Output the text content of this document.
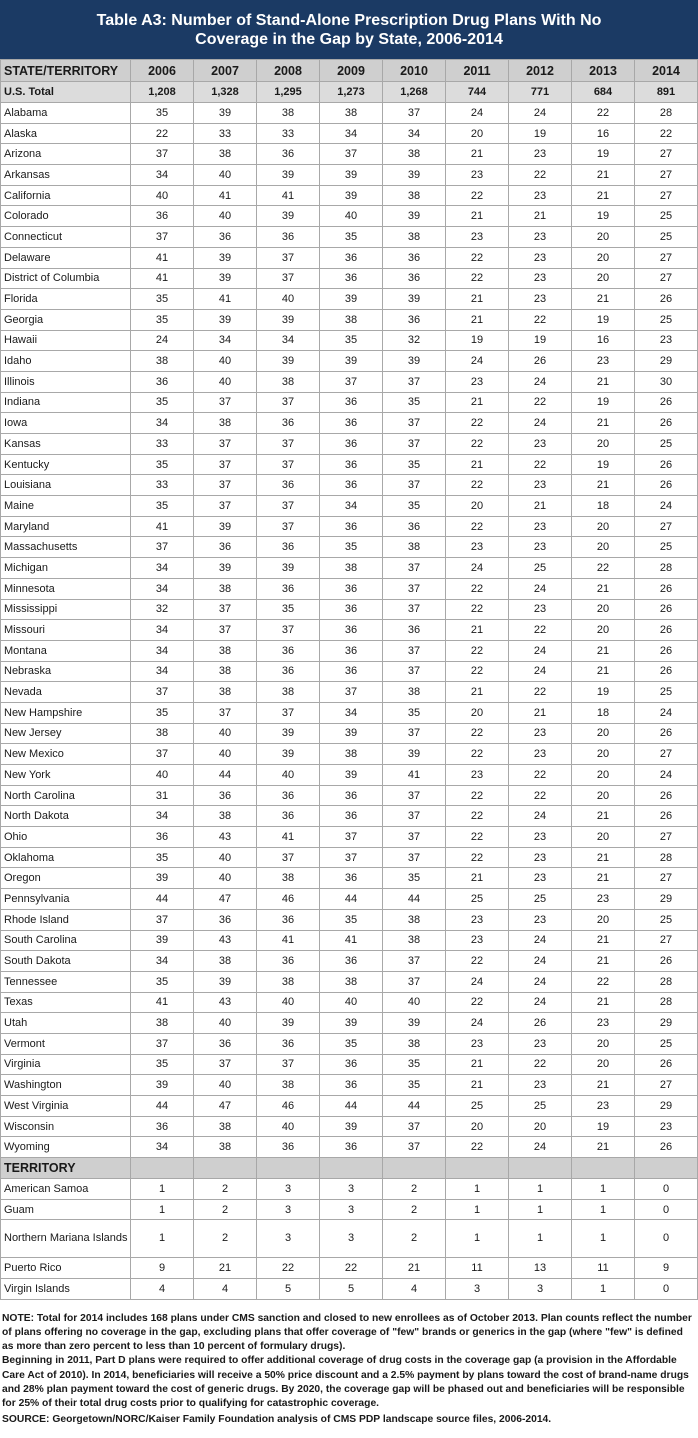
Table A3: Number of Stand-Alone Prescription Drug Plans With No Coverage in the Gap by State, 2006-2014
STATE/TERRITORY	2006	2007	2008	2009	2010	2011	2012	2013	2014
U.S. Total	1,208	1,328	1,295	1,273	1,268	744	771	684	891
Alabama	35	39	38	38	37	24	24	22	28
Alaska	22	33	33	34	34	20	19	16	22
Arizona	37	38	36	37	38	21	23	19	27
Arkansas	34	40	39	39	39	23	22	21	27
California	40	41	41	39	38	22	23	21	27
Colorado	36	40	39	40	39	21	21	19	25
Connecticut	37	36	36	35	38	23	23	20	25
Delaware	41	39	37	36	36	22	23	20	27
District of Columbia	41	39	37	36	36	22	23	20	27
Florida	35	41	40	39	39	21	23	21	26
Georgia	35	39	39	38	36	21	22	19	25
Hawaii	24	34	34	35	32	19	19	16	23
Idaho	38	40	39	39	39	24	26	23	29
Illinois	36	40	38	37	37	23	24	21	30
Indiana	35	37	37	36	35	21	22	19	26
Iowa	34	38	36	36	37	22	24	21	26
Kansas	33	37	37	36	37	22	23	20	25
Kentucky	35	37	37	36	35	21	22	19	26
Louisiana	33	37	36	36	37	22	23	21	26
Maine	35	37	37	34	35	20	21	18	24
Maryland	41	39	37	36	36	22	23	20	27
Massachusetts	37	36	36	35	38	23	23	20	25
Michigan	34	39	39	38	37	24	25	22	28
Minnesota	34	38	36	36	37	22	24	21	26
Mississippi	32	37	35	36	37	22	23	20	26
Missouri	34	37	37	36	36	21	22	20	26
Montana	34	38	36	36	37	22	24	21	26
Nebraska	34	38	36	36	37	22	24	21	26
Nevada	37	38	38	37	38	21	22	19	25
New Hampshire	35	37	37	34	35	20	21	18	24
New Jersey	38	40	39	39	37	22	23	20	26
New Mexico	37	40	39	38	39	22	23	20	27
New York	40	44	40	39	41	23	22	20	24
North Carolina	31	36	36	36	37	22	22	20	26
North Dakota	34	38	36	36	37	22	24	21	26
Ohio	36	43	41	37	37	22	23	20	27
Oklahoma	35	40	37	37	37	22	23	21	28
Oregon	39	40	38	36	35	21	23	21	27
Pennsylvania	44	47	46	44	44	25	25	23	29
Rhode Island	37	36	36	35	38	23	23	20	25
South Carolina	39	43	41	41	38	23	24	21	27
South Dakota	34	38	36	36	37	22	24	21	26
Tennessee	35	39	38	38	37	24	24	22	28
Texas	41	43	40	40	40	22	24	21	28
Utah	38	40	39	39	39	24	26	23	29
Vermont	37	36	36	35	38	23	23	20	25
Virginia	35	37	37	36	35	21	22	20	26
Washington	39	40	38	36	35	21	23	21	27
West Virginia	44	47	46	44	44	25	25	23	29
Wisconsin	36	38	40	39	37	20	20	19	23
Wyoming	34	38	36	36	37	22	24	21	26
TERRITORY									
American Samoa	1	2	3	3	2	1	1	1	0
Guam	1	2	3	3	2	1	1	1	0
Northern Mariana Islands	1	2	3	3	2	1	1	1	0
Puerto Rico	9	21	22	22	21	11	13	11	9
Virgin Islands	4	4	5	5	4	3	3	1	0

NOTE: Total for 2014 includes 168 plans under CMS sanction and closed to new enrollees as of October 2013. Plan counts reflect the number of plans offering no coverage in the gap, excluding plans that offer coverage of "few" brands or generics in the gap (where "few" is defined as more than zero percent to less than 10 percent of formulary drugs).

Beginning in 2011, Part D plans were required to offer additional coverage of drug costs in the coverage gap (a provision in the Affordable Care Act of 2010). In 2014, beneficiaries will receive a 50% price discount and a 2.5% payment by plans toward the cost of brand-name drugs and 28% plan payment toward the cost of generic drugs. By 2020, the coverage gap will be phased out and beneficiaries will be responsible for 25% of their total drug costs prior to qualifying for catastrophic coverage.

SOURCE: Georgetown/NORC/Kaiser Family Foundation analysis of CMS PDP landscape source files, 2006-2014.
